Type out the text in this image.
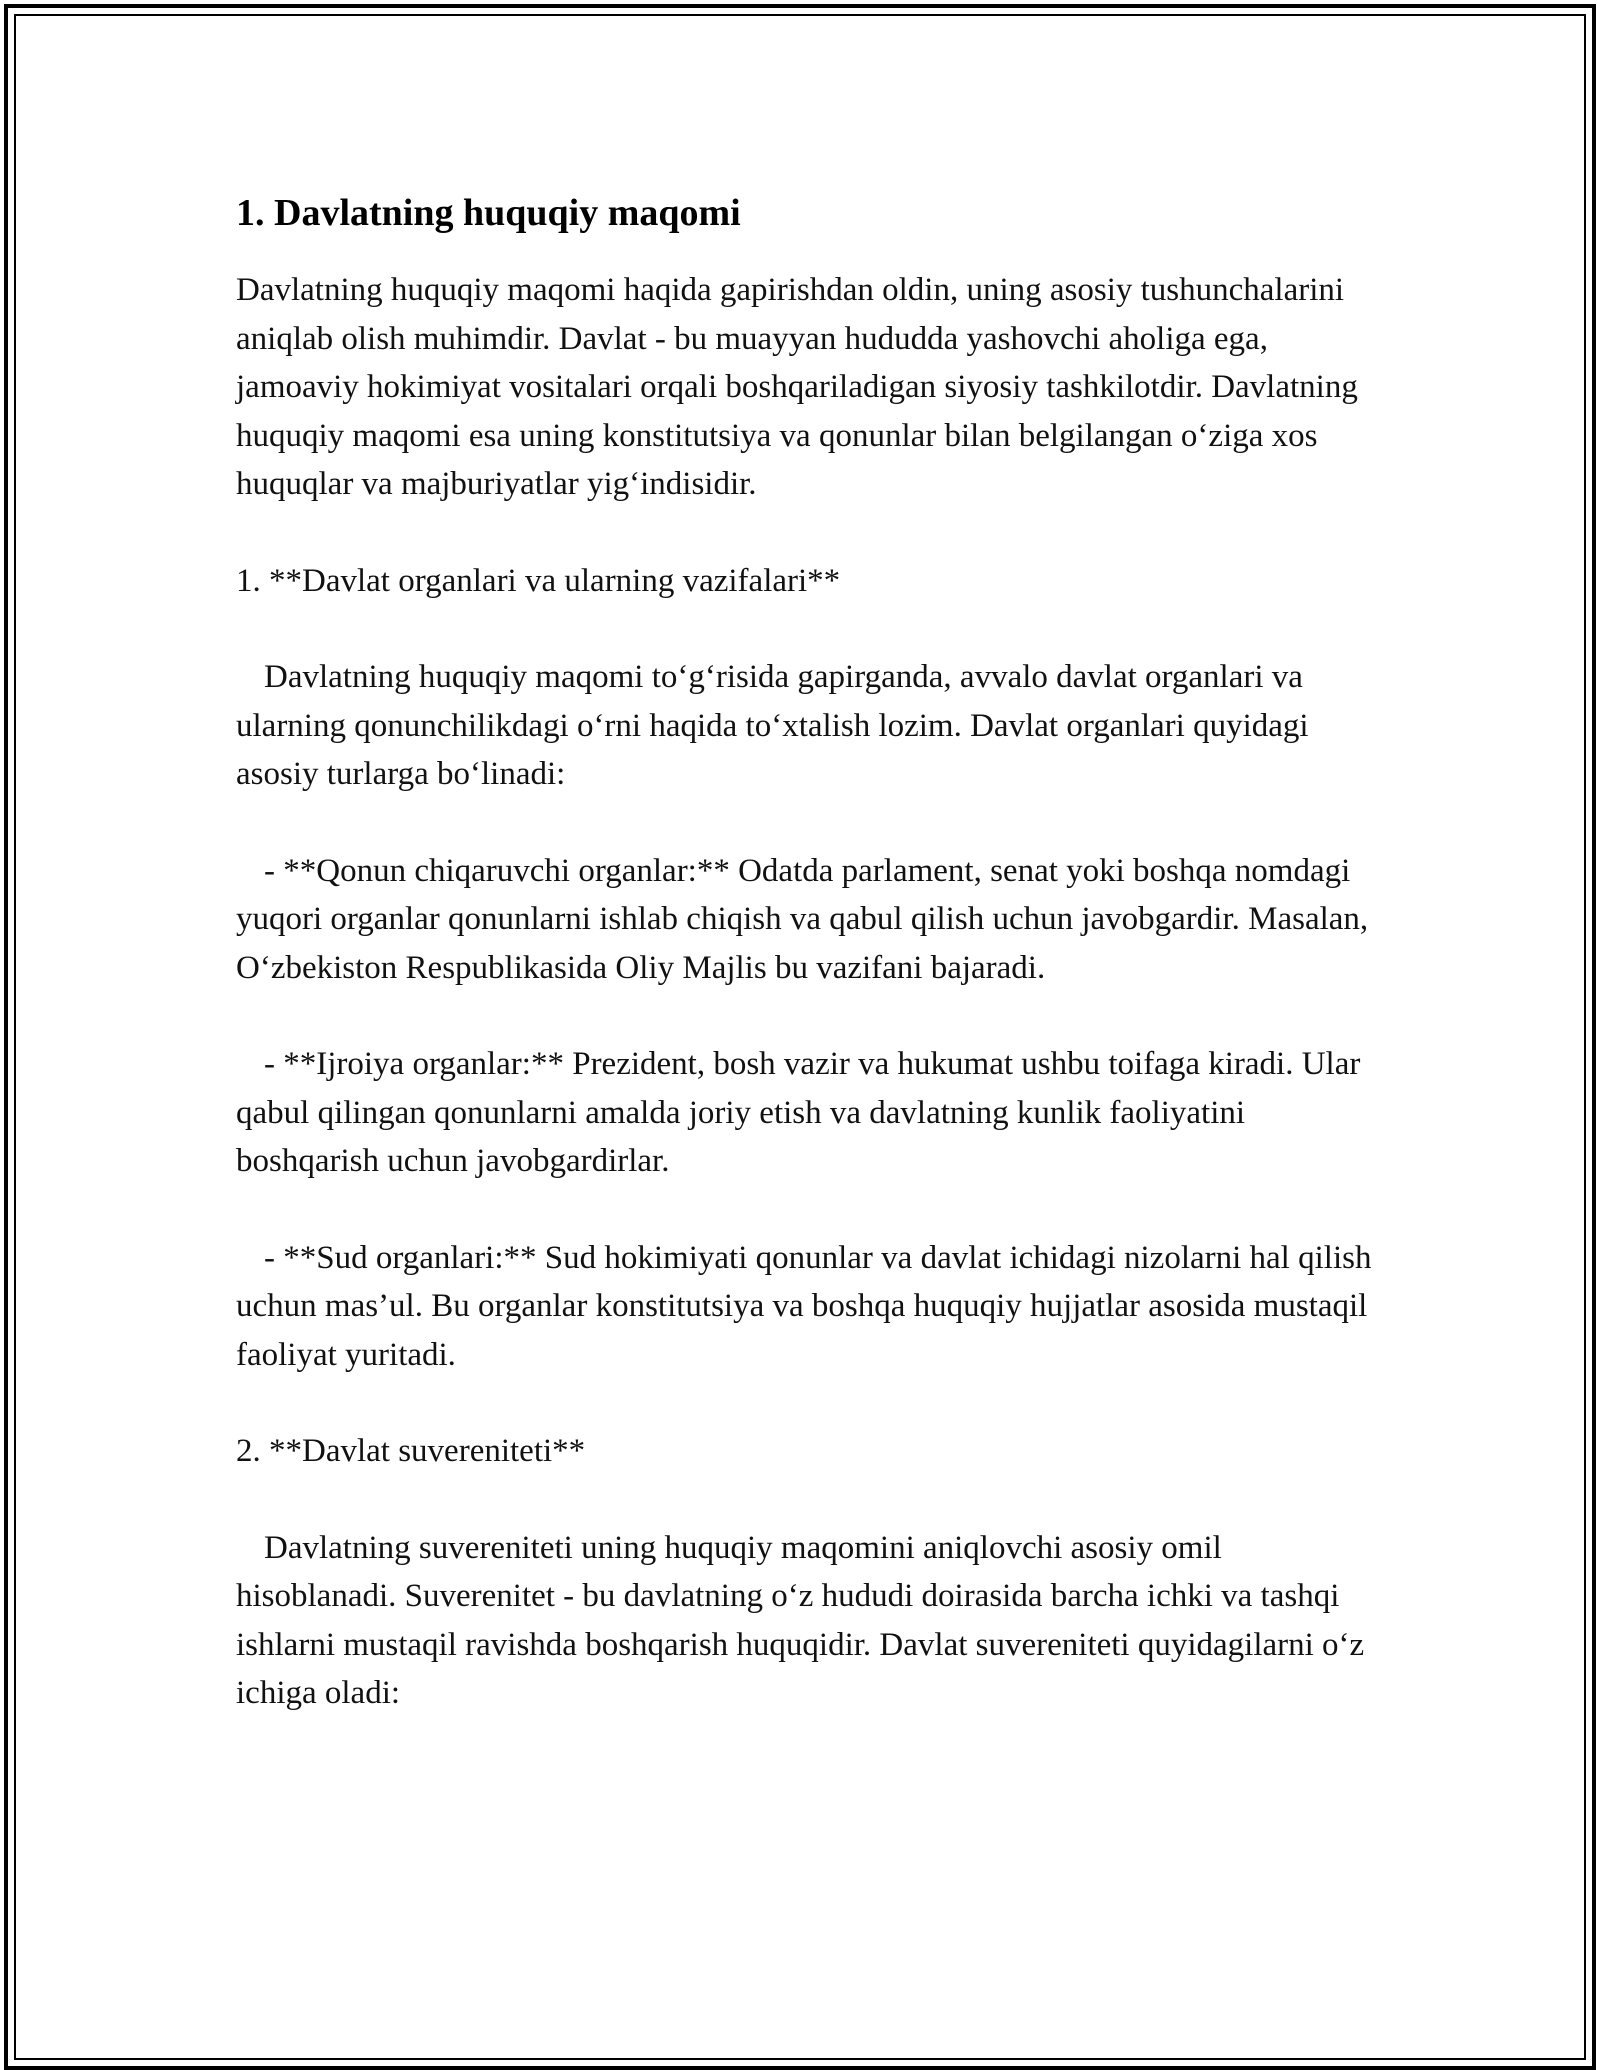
1. Davlatning huquqiy maqomi

Davlatning huquqiy maqomi haqida gapirishdan oldin, uning asosiy tushunchalarini aniqlab olish muhimdir. Davlat - bu muayyan hududda yashovchi aholiga ega, jamoaviy hokimiyat vositalari orqali boshqariladigan siyosiy tashkilotdir. Davlatning huquqiy maqomi esa uning konstitutsiya va qonunlar bilan belgilangan o‘ziga xos huquqlar va majburiyatlar yig‘indisidir.

1. **Davlat organlari va ularning vazifalari**

Davlatning huquqiy maqomi to‘g‘risida gapirganda, avvalo davlat organlari va ularning qonunchilikdagi o‘rni haqida to‘xtalish lozim. Davlat organlari quyidagi asosiy turlarga bo‘linadi:

- **Qonun chiqaruvchi organlar:** Odatda parlament, senat yoki boshqa nomdagi yuqori organlar qonunlarni ishlab chiqish va qabul qilish uchun javobgardir. Masalan, O‘zbekiston Respublikasida Oliy Majlis bu vazifani bajaradi.

- **Ijroiya organlar:** Prezident, bosh vazir va hukumat ushbu toifaga kiradi. Ular qabul qilingan qonunlarni amalda joriy etish va davlatning kunlik faoliyatini boshqarish uchun javobgardirlar.

- **Sud organlari:** Sud hokimiyati qonunlar va davlat ichidagi nizolarni hal qilish uchun mas’ul. Bu organlar konstitutsiya va boshqa huquqiy hujjatlar asosida mustaqil faoliyat yuritadi.

2. **Davlat suvereniteti**

Davlatning suvereniteti uning huquqiy maqomini aniqlovchi asosiy omil hisoblanadi. Suverenitet - bu davlatning o‘z hududi doirasida barcha ichki va tashqi ishlarni mustaqil ravishda boshqarish huquqidir. Davlat suvereniteti quyidagilarni o‘z ichiga oladi:
